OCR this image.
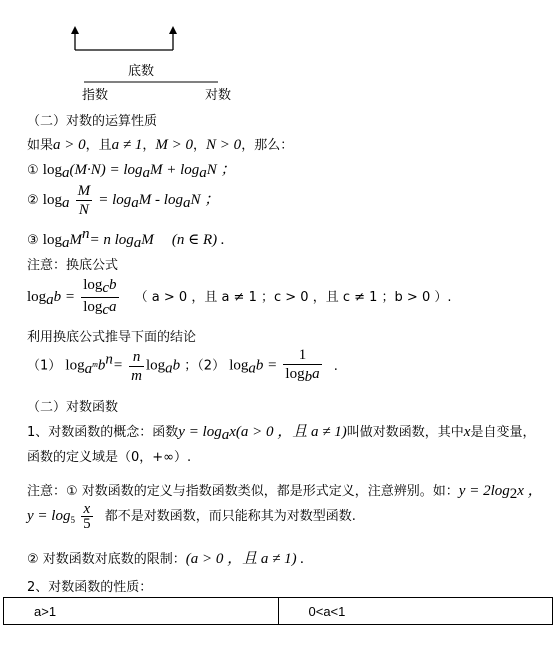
底数
指数	对数
（二）对数的运算性质
如果a > 0，且a ≠ 1，M > 0，N > 0，那么：
① $\log_a(M\cdot N) = \log_aM + \log_aN$ ；
② $\log_a \frac{M}{N} = \log_aM - \log_aN$ ；
③ $\log_aM^n= n$ $\log_aM$ (n ∈ R) .
注意：换底公式
$\log_ab = \frac{\log_cb}{\log_ca}$ （ a > 0 ，且 a ≠ 1 ；c > 0 ，且 c ≠ 1 ；b > 0 ）.
利用换底公式推导下面的结论
（1） $\log_{a^m}b^n= \frac{n}{m} \log_ab$ ；（2） $\log_ab = \frac{1}{\log_ba}$ .
（二）对数函数
1、对数函数的概念：函数$y = \log_ax(a > 0$ ，且 a ≠ 1)叫做对数函数，其中x是自变量，
函数的定义域是（0，+∞）.
注意：① 对数函数的定义与指数函数类似，都是形式定义，注意辨别。如：$y = 2\log_2x$ ，
$y = \log_5 \frac{x}{5}$ 都不是对数函数，而只能称其为对数型函数.
② 对数函数对底数的限制：(a > 0 ，且 a ≠ 1) .
2、对数函数的性质：
a>1	0<a<1
